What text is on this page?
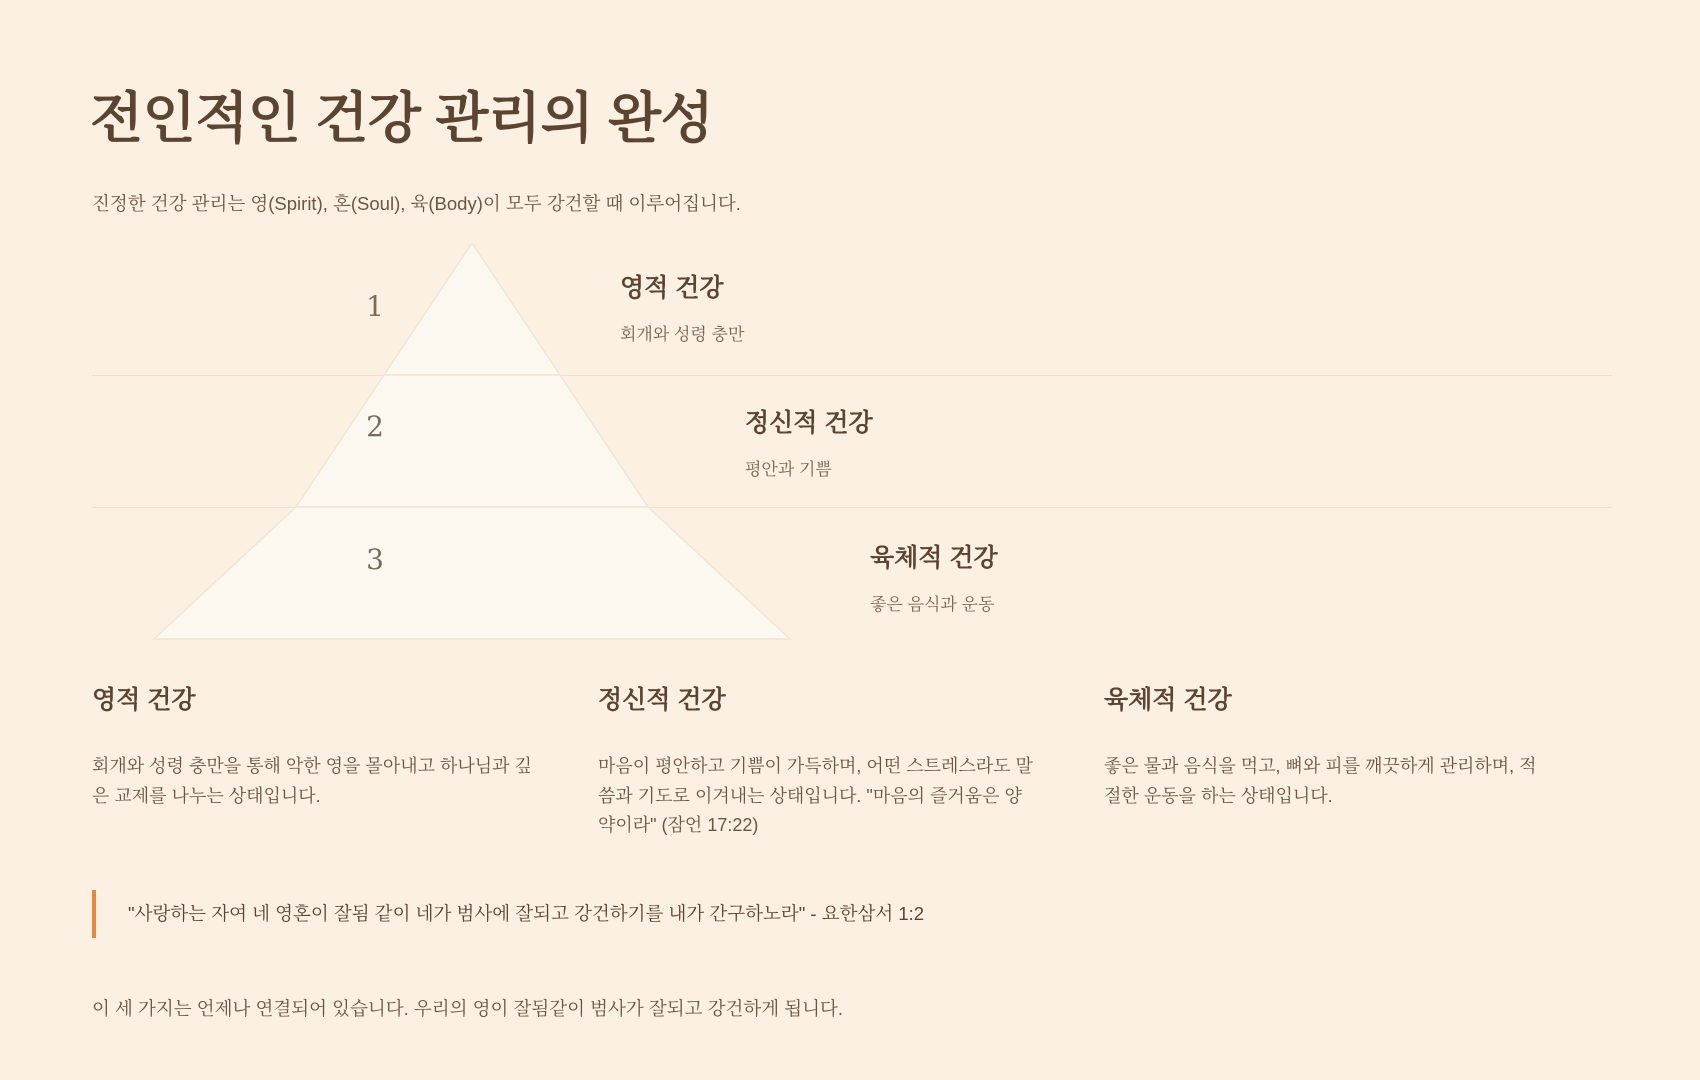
전인적인 건강 관리의 완성
진정한 건강 관리는 영(Spirit), 혼(Soul), 육(Body)이 모두 강건할 때 이루어집니다.
1
2
3
영적 건강
회개와 성령 충만
정신적 건강
평안과 기쁨
육체적 건강
좋은 음식과 운동
영적 건강

회개와 성령 충만을 통해 악한 영을 몰아내고 하나님과 깊은 교제를 나누는 상태입니다.

정신적 건강

마음이 평안하고 기쁨이 가득하며, 어떤 스트레스라도 말씀과 기도로 이겨내는 상태입니다. "마음의 즐거움은 양약이라" (잠언 17:22)

육체적 건강

좋은 물과 음식을 먹고, 뼈와 피를 깨끗하게 관리하며, 적절한 운동을 하는 상태입니다.

"사랑하는 자여 네 영혼이 잘됨 같이 네가 범사에 잘되고 강건하기를 내가 간구하노라" - 요한삼서 1:2
이 세 가지는 언제나 연결되어 있습니다. 우리의 영이 잘됨같이 범사가 잘되고 강건하게 됩니다.
